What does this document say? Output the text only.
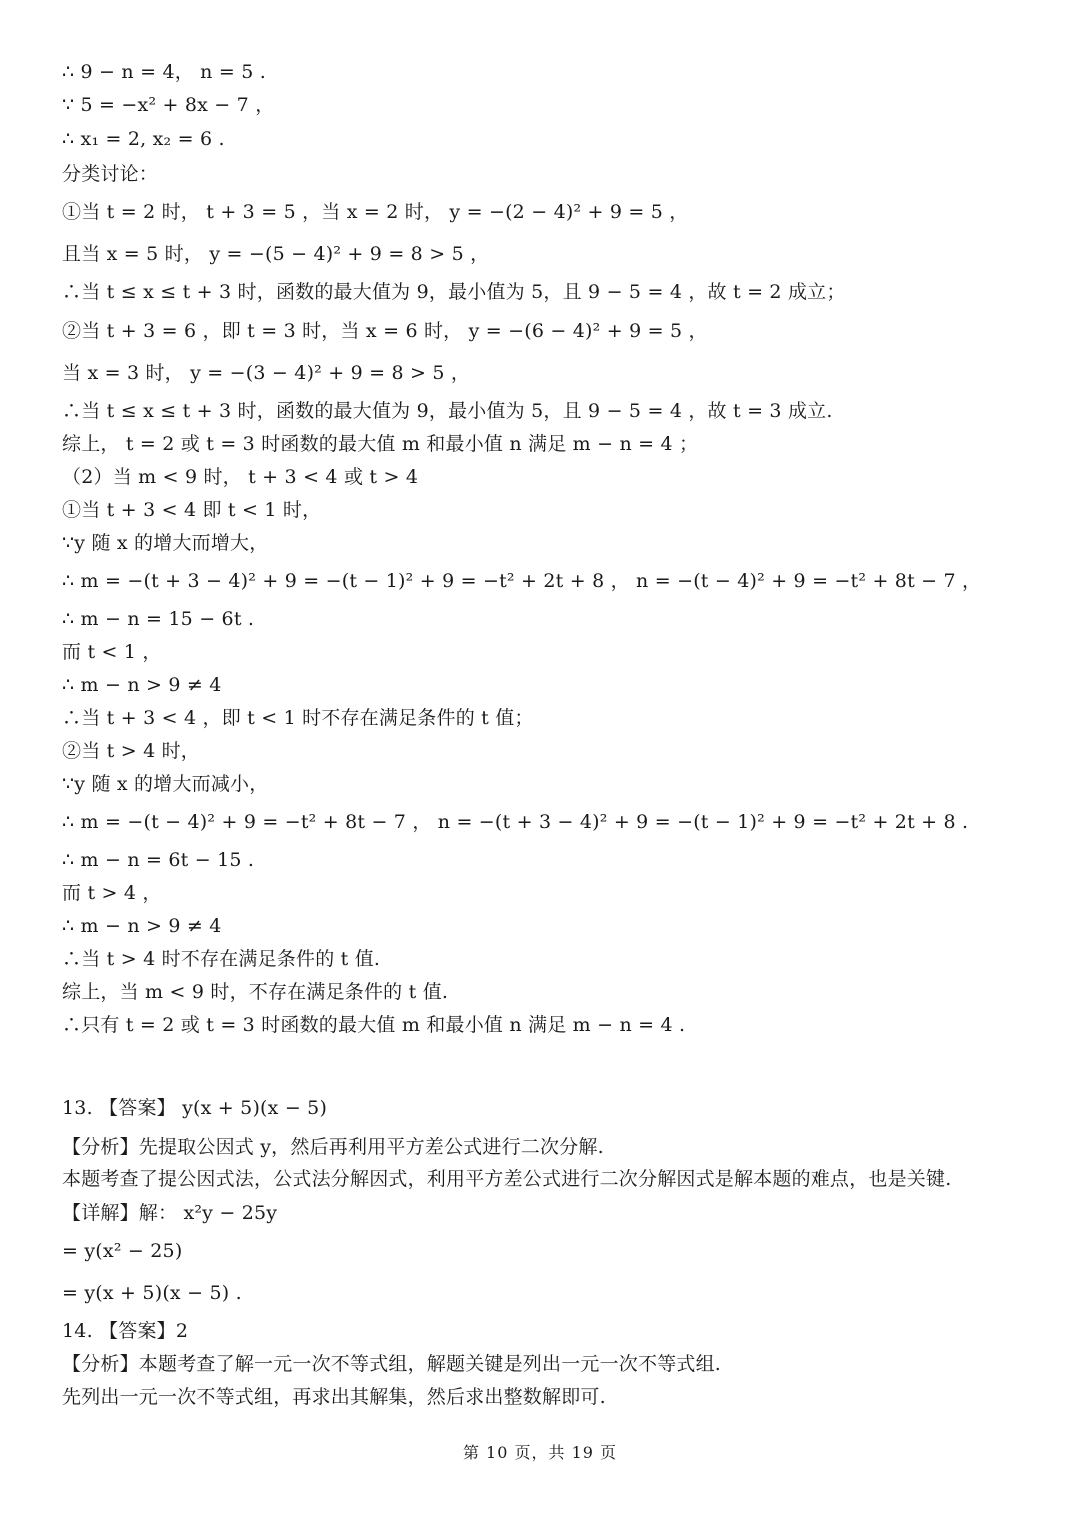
∴ 9 − n = 4， n = 5 .
∵ 5 = −x² + 8x − 7 ，
∴ x₁ = 2, x₂ = 6 .
分类讨论：
①当 t = 2 时， t + 3 = 5 ，当 x = 2 时， y = −(2 − 4)² + 9 = 5 ，
且当 x = 5 时， y = −(5 − 4)² + 9 = 8 > 5 ，
∴当 t ≤ x ≤ t + 3 时，函数的最大值为 9，最小值为 5，且 9 − 5 = 4 ，故 t = 2 成立；
②当 t + 3 = 6 ，即 t = 3 时，当 x = 6 时， y = −(6 − 4)² + 9 = 5 ，
当 x = 3 时， y = −(3 − 4)² + 9 = 8 > 5 ，
∴当 t ≤ x ≤ t + 3 时，函数的最大值为 9，最小值为 5，且 9 − 5 = 4 ，故 t = 3 成立.
综上， t = 2 或 t = 3 时函数的最大值 m 和最小值 n 满足 m − n = 4 ；
（2）当 m < 9 时， t + 3 < 4 或 t > 4
①当 t + 3 < 4 即 t < 1 时，
∵y 随 x 的增大而增大，
∴ m = −(t + 3 − 4)² + 9 = −(t − 1)² + 9 = −t² + 2t + 8 ， n = −(t − 4)² + 9 = −t² + 8t − 7 ，
∴ m − n = 15 − 6t .
而 t < 1 ，
∴ m − n > 9 ≠ 4
∴当 t + 3 < 4 ，即 t < 1 时不存在满足条件的 t 值；
②当 t > 4 时，
∵y 随 x 的增大而减小，
∴ m = −(t − 4)² + 9 = −t² + 8t − 7 ， n = −(t + 3 − 4)² + 9 = −(t − 1)² + 9 = −t² + 2t + 8 .
∴ m − n = 6t − 15 .
而 t > 4 ，
∴ m − n > 9 ≠ 4
∴当 t > 4 时不存在满足条件的 t 值.
综上，当 m < 9 时，不存在满足条件的 t 值.
∴只有 t = 2 或 t = 3 时函数的最大值 m 和最小值 n 满足 m − n = 4 .
13. 【答案】 y(x + 5)(x − 5)
【分析】先提取公因式 y，然后再利用平方差公式进行二次分解.
本题考查了提公因式法，公式法分解因式，利用平方差公式进行二次分解因式是解本题的难点，也是关键.
【详解】解： x²y − 25y
= y(x² − 25)
= y(x + 5)(x − 5) .
14. 【答案】2
【分析】本题考查了解一元一次不等式组，解题关键是列出一元一次不等式组.
先列出一元一次不等式组，再求出其解集，然后求出整数解即可.
第 10 页，共 19 页
